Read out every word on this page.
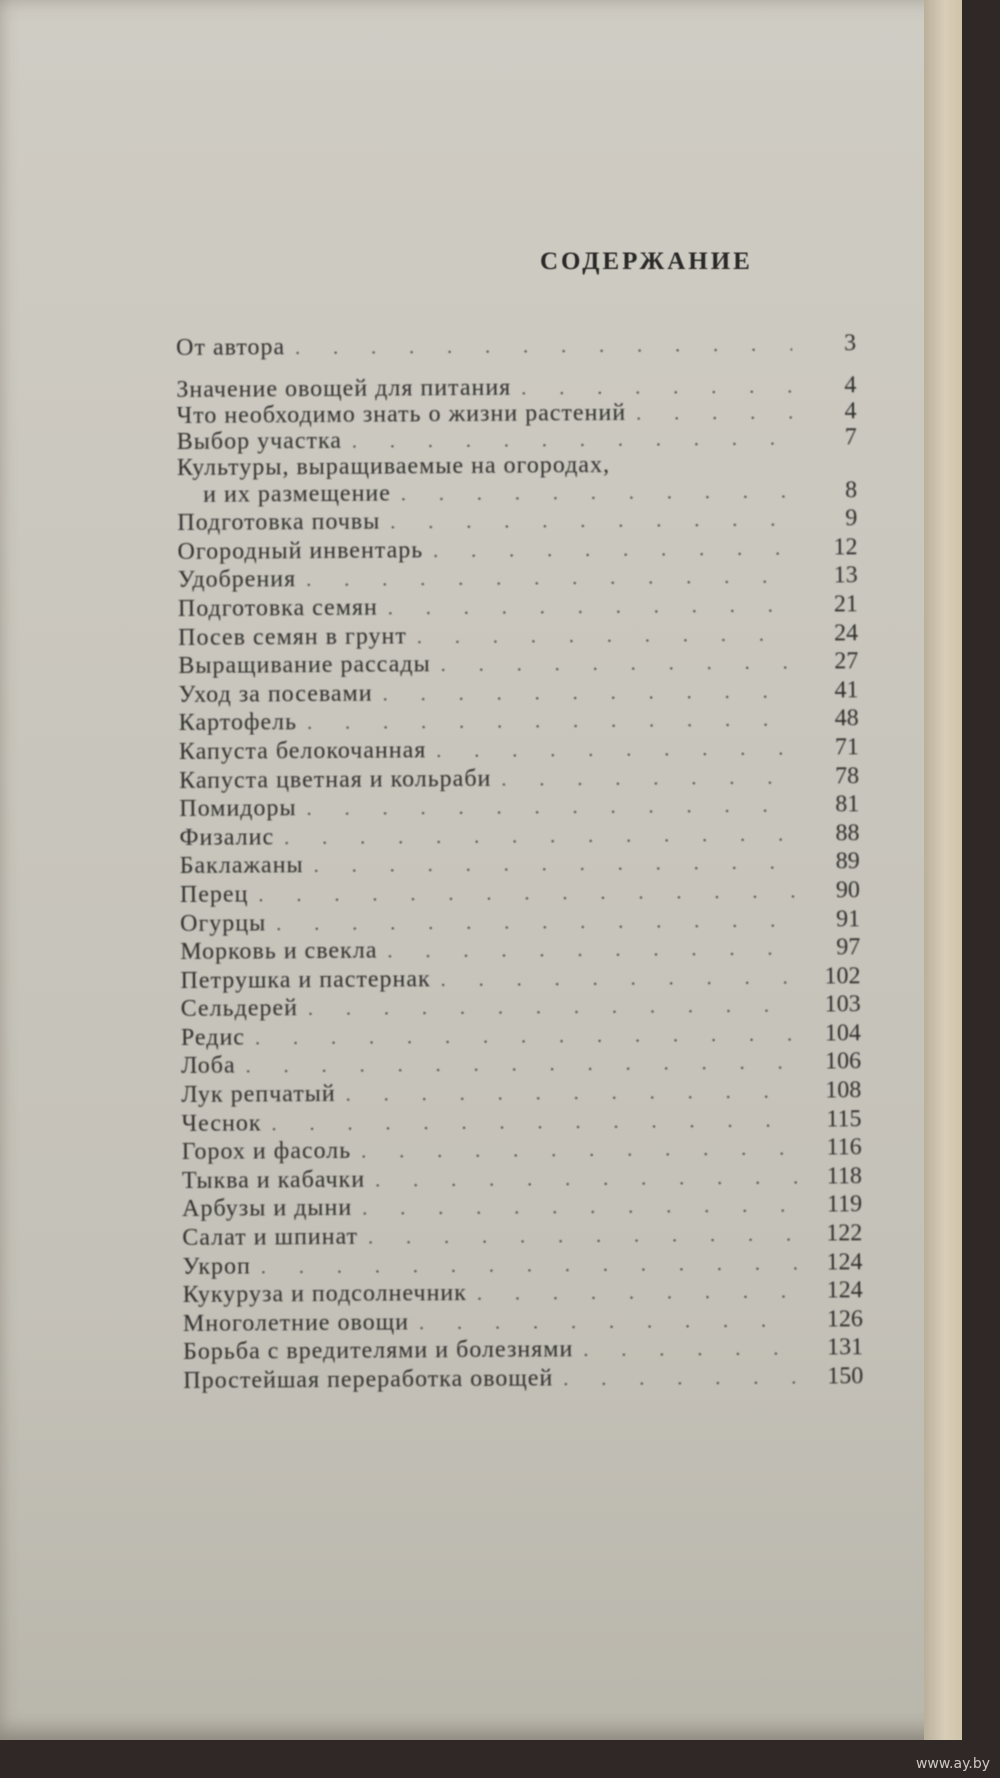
СОДЕРЖАНИЕ
От автора . . .	3
Значение овощей для питания . . .	4
Что необходимо знать о жизни растений . . .	4
Выбор участка . . .	7
Культуры, выращиваемые на огородах,
и их размещение . . .	8
Подготовка почвы . . .	9
Огородный инвентарь . . .	12
Удобрения . . .	13
Подготовка семян . . .	21
Посев семян в грунт . . .	24
Выращивание рассады . . .	27
Уход за посевами . . .	41
Картофель . . .	48
Капуста белокочанная . . .	71
Капуста цветная и кольраби . . .	78
Помидоры . . .	81
Физалис . . .	88
Баклажаны . . .	89
Перец . . .	90
Огурцы . . .	91
Морковь и свекла . . .	97
Петрушка и пастернак . . .	102
Сельдерей . . .	103
Редис . . .	104
Лоба . . .	106
Лук репчатый . . .	108
Чеснок . . .	115
Горох и фасоль . . .	116
Тыква и кабачки . . .	118
Арбузы и дыни . . .	119
Салат и шпинат . . .	122
Укроп . . .	124
Кукуруза и подсолнечник . . .	124
Многолетние овощи . . .	126
Борьба с вредителями и болезнями . . .	131
Простейшая переработка овощей . . .	150
www.ay.by
